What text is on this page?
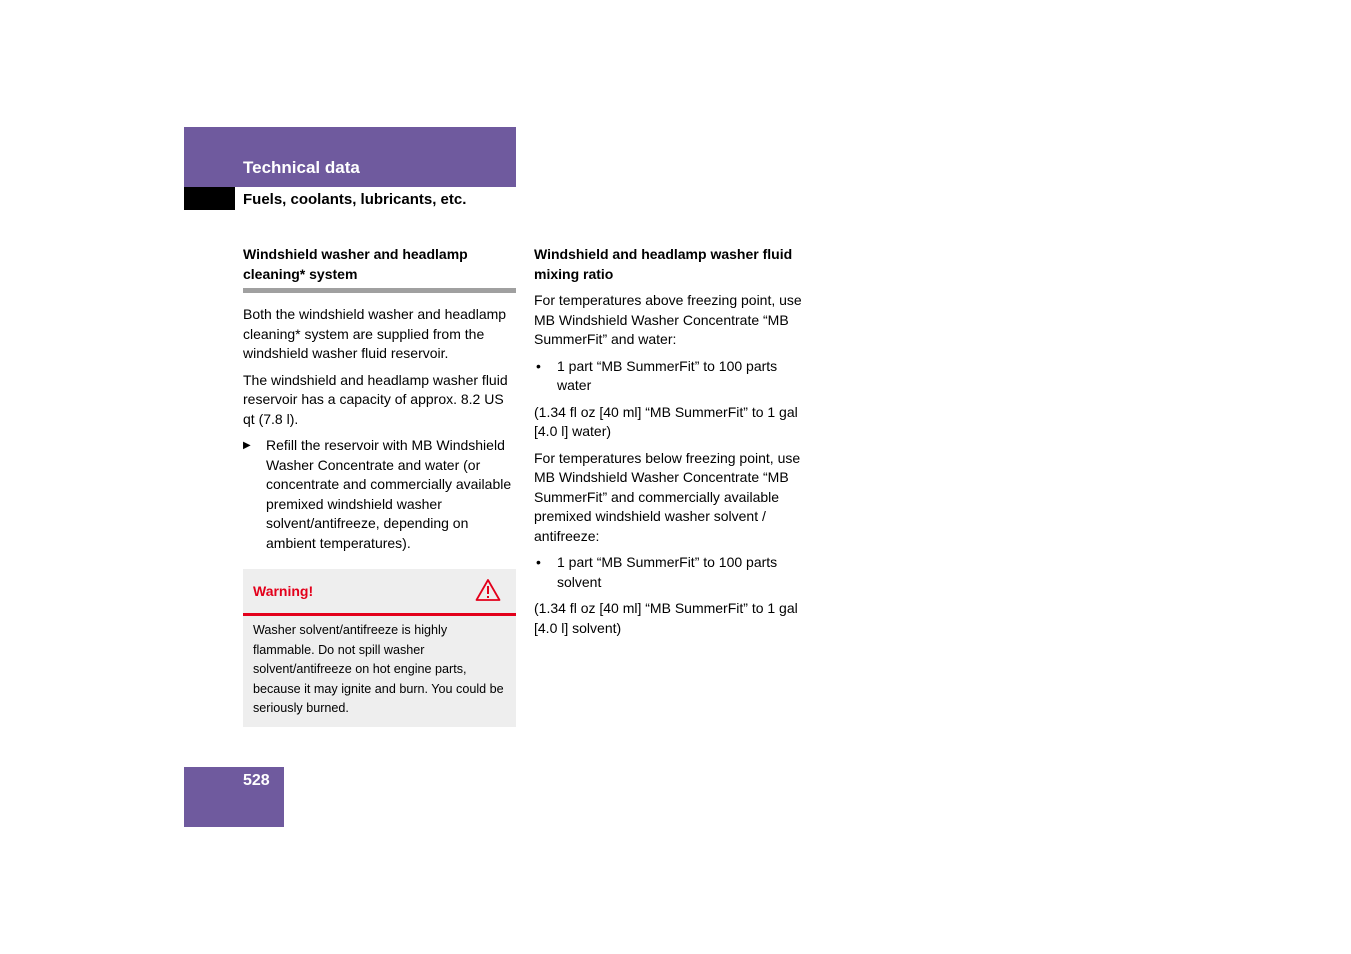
Technical data
Fuels, coolants, lubricants, etc.
Windshield washer and headlamp cleaning* system

Both the windshield washer and headlamp cleaning* system are supplied from the windshield washer fluid reservoir.

The windshield and headlamp washer fluid reservoir has a capacity of approx. 8.2 US qt (7.8 l).

▶	Refill the reservoir with MB Windshield Washer Concentrate and water (or concentrate and commercially available premixed windshield washer solvent/antifreeze, depending on ambient temperatures).
Warning!
Washer solvent/antifreeze is highly flammable. Do not spill washer solvent/antifreeze on hot engine parts, because it may ignite and burn. You could be seriously burned.
Windshield and headlamp washer fluid mixing ratio

For temperatures above freezing point, use MB Windshield Washer Concentrate “MB SummerFit” and water:

•	1 part “MB SummerFit” to 100 parts water

(1.34 fl oz [40 ml] “MB SummerFit” to 1 gal [4.0 l] water)

For temperatures below freezing point, use MB Windshield Washer Concentrate “MB SummerFit” and commercially available premixed windshield washer solvent / antifreeze:

•	1 part “MB SummerFit” to 100 parts solvent

(1.34 fl oz [40 ml] “MB SummerFit” to 1 gal [4.0 l] solvent)

528
